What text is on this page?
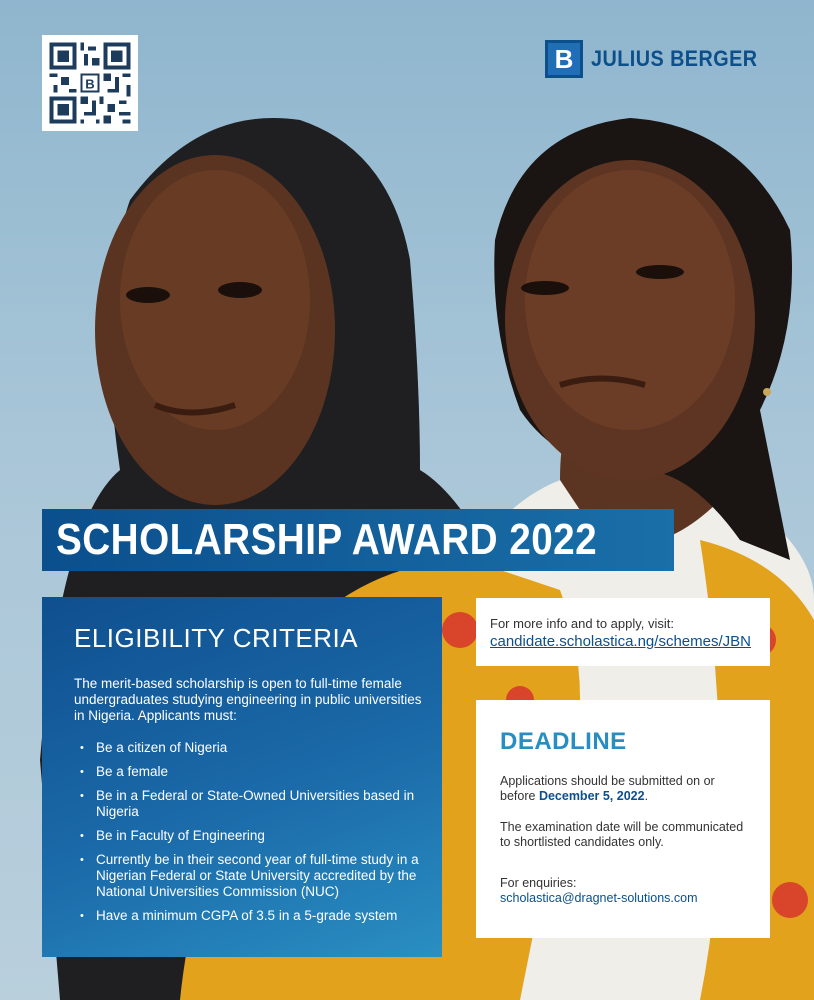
B
B JULIUS BERGER
SCHOLARSHIP AWARD 2022
ELIGIBILITY CRITERIA

The merit-based scholarship is open to full-time female undergraduates studying engineering in public universities in Nigeria. Applicants must:

• Be a citizen of Nigeria
• Be a female
• Be in a Federal or State-Owned Universities based in Nigeria
• Be in Faculty of Engineering
• Currently be in their second year of full-time study in a Nigerian Federal or State University accredited by the National Universities Commission (NUC)
• Have a minimum CGPA of 3.5 in a 5-grade system
For more info and to apply, visit:
candidate.scholastica.ng/schemes/JBN
DEADLINE

Applications should be submitted on or before December 5, 2022.

The examination date will be communicated to shortlisted candidates only.

For enquiries:
scholastica@dragnet-solutions.com
